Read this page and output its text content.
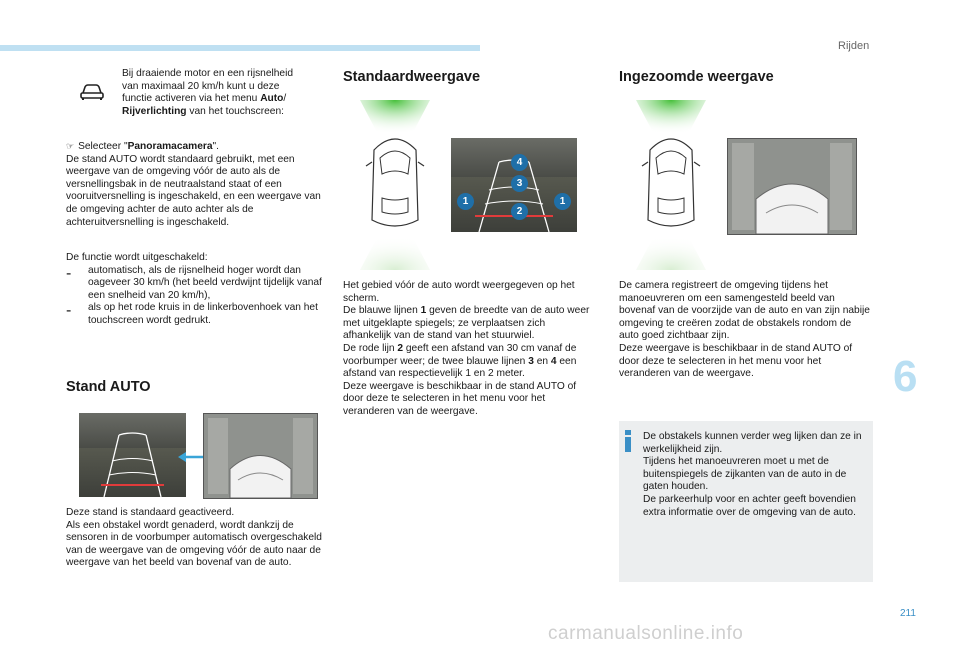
Rijden
6
211
carmanualsonline.info

Bij draaiende motor en een rijsnelheid
van maximaal 20 km/h kunt u deze
functie activeren via het menu Auto/
Rijverlichting van het touchscreen:

☞ Selecteer "Panoramacamera".
De stand AUTO wordt standaard gebruikt, met een weergave van de omgeving vóór de auto als de versnellingsbak in de neutraalstand staat of een vooruitversnelling is ingeschakeld, en een weergave van de omgeving achter de auto achter als de achteruitversnelling is ingeschakeld.

De functie wordt uitgeschakeld:

-	automatisch, als de rijsnelheid hoger wordt dan oageveer 30 km/h (het beeld verdwijnt tijdelijk vanaf een snelheid van 20 km/h),

-	als op het rode kruis in de linkerbovenhoek van het touchscreen wordt gedrukt.

Stand AUTO

Deze stand is standaard geactiveerd.
Als een obstakel wordt genaderd, wordt dankzij de sensoren in de voorbumper automatisch overgeschakeld van de weergave van de omgeving vóór de auto naar de weergave van het beeld van bovenaf van de auto.

Standaardweergave
4
3
1	1
2

Het gebied vóór de auto wordt weergegeven op het scherm.

De blauwe lijnen 1 geven de breedte van de auto weer met uitgeklapte spiegels; ze verplaatsen zich afhankelijk van de stand van het stuurwiel.

De rode lijn 2 geeft een afstand van 30 cm vanaf de voorbumper weer; de twee blauwe lijnen 3 en 4 een afstand van respectievelijk 1 en 2 meter.

Deze weergave is beschikbaar in de stand AUTO of door deze te selecteren in het menu voor het veranderen van de weergave.

Ingezoomde weergave

De camera registreert de omgeving tijdens het manoeuvreren om een samengesteld beeld van bovenaf van de voorzijde van de auto en van zijn nabije omgeving te creëren zodat de obstakels rondom de auto goed zichtbaar zijn.
Deze weergave is beschikbaar in de stand AUTO of door deze te selecteren in het menu voor het veranderen van de weergave.

De obstakels kunnen verder weg lijken dan ze in werkelijkheid zijn.
Tijdens het manoeuvreren moet u met de buitenspiegels de zijkanten van de auto in de gaten houden.
De parkeerhulp voor en achter geeft bovendien extra informatie over de omgeving van de auto.
